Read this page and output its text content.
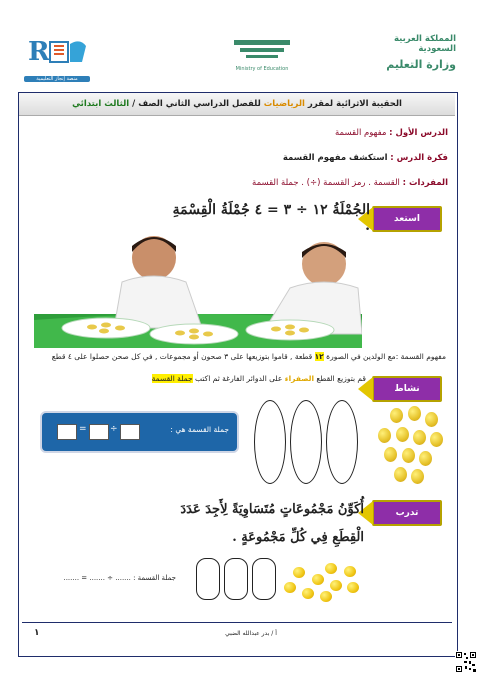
R
منصة إنجاز التعليمية
Ministry of Education
المملكة العربية السعودية
وزارة التعليم
الحقيبة الاثرائية لمقرر الرياضيات للفصل الدراسي الثاني الصف / الثالث ابتدائي
الدرس الأول : مفهوم القسمة
فكرة الدرس : استكشف مفهوم القسمة
المفردات : القسمة . رمز القسمة (÷) . جملة القسمة
استعد
الجُمْلَةُ ١٢ ÷ ٣ = ٤ جُمْلَةُ الْقِسْمَةِ .
مفهوم القسمة :مع الولدين في الصورة ١٢ قطعة , قاموا بتوزيعها على ٣ صحون أو مجموعات , في كل صحن حصلوا على ٤ قطع
نشاط
قم بتوزيع القطع الصفراء على الدوائر الفارغة ثم اكتب جملة القسمة
جملة القسمة هي :
÷
=
تدرب
أُكَوِّنُ مَجْمُوعَاتٍ مُتَسَاوِيَةً لِأَجِدَ عَدَدَ
الْقِطَعِ فِي كُلِّ مَجْمُوعَةٍ .
جملة القسمة : ....... ÷ ....... = .......
١	أ / بدر عبدالله الضبي
